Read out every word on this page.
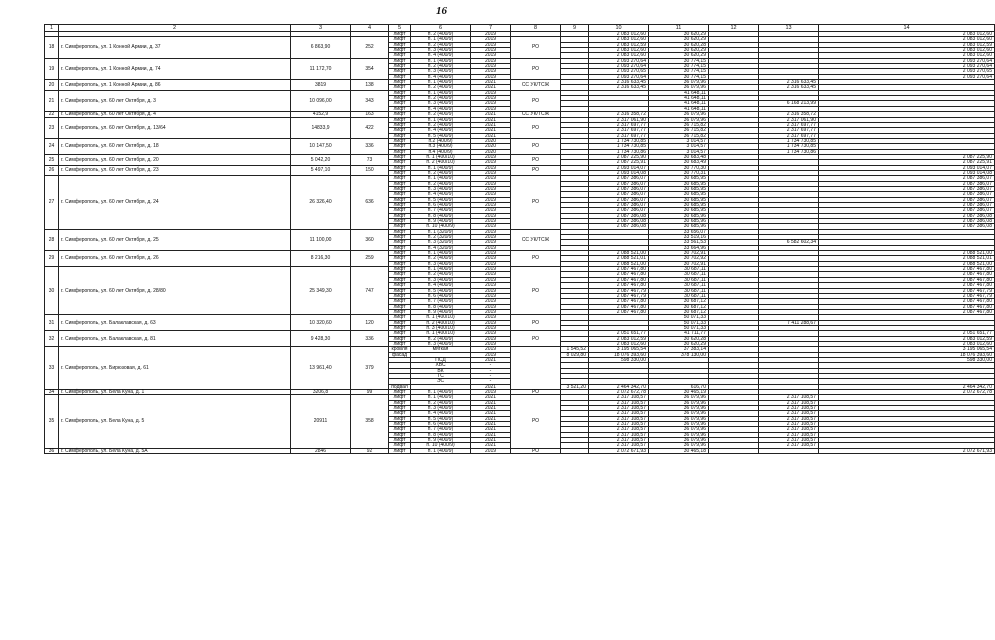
16
1	2	3	4	5	6	7	8	9	10	11	12	13	14
				лифт	п. 2 (400/9)	2019			2 083 012,60	30 620,29			2 083 012,60
18	г. Симферополь, ул. 1 Конной Армии, д. 37	6 863,90	252	лифт	п. 1 (400/9)	2019	РО		2 083 012,60	30 620,29			2 083 012,60
				лифт	п. 2 (400/9)	2019			2 083 012,59	30 620,28			2 083 012,59
				лифт	п. 3 (400/9)	2019			2 083 012,60	30 620,29			2 083 012,60
				лифт	п. 4 (400/9)	2019			2 083 012,60	30 620,29			2 083 012,60
19	г. Симферополь, ул. 1 Конной Армии, д. 74	11 172,70	354	лифт	п. 1 (400/9)	2019	РО		2 093 270,64	30 774,15			2 093 270,64
				лифт	п. 2 (400/9)	2019			2 093 270,64	30 774,15			2 093 270,64
				лифт	п. 3 (400/9)	2019			2 093 270,65	30 774,15			2 093 270,65
				лифт	п. 4 (400/9)	2019			2 093 270,64	30 774,15			2 093 270,64
20	г. Симферополь, ул. 1 Конной Армии, д. 86	3819	138	лифт	п. 1 (400/9)	2021	СС УК/ТСЖ		2 316 633,45	36 079,96		2 316 633,45	
				лифт	п. 2 (400/9)	2021			2 316 633,45	36 079,96		2 316 633,45	
21	г. Симферополь, ул. 60 лет Октября, д. 3	10 096,00	343	лифт	п. 1 (400/9)	2019	РО			41 648,11			
				лифт	п. 2 (400/9)	2019				41 648,11			
				лифт	п. 3 (400/9)	2019				41 648,11		6 168 213,99	
				лифт	п. 4 (400/9)	2019				41 648,11			
22	г. Симферополь, ул. 60 лет Октября, д. 4	4152,9	163	лифт	п. 2 (400/9)	2021	СС УК/ТСЖ		2 316 358,72	36 079,96		2 316 358,72	
23	г. Симферополь, ул. 60 лет Октября, д. 13/64	14833,9	422	лифт	п. 1 (400/9)	2021	РО		2 317 061,90	36 079,96		2 317 061,90	
				лифт	п. 2 (400/9)	2021			2 317 697,77	36 715,82		2 317 697,77	
				лифт	п. 4 (400/9)	2021			2 317 697,77	36 715,82		2 317 697,77	
				лифт	п. 5 (400/9)	2021			2 317 697,77	36 715,82		2 317 697,77	
24	г. Симферополь, ул. 60 лет Октября, д. 18	10 147,50	336	лифт	п.2 (400/9)	2020	РО		1 734 730,85	3 014,57		1 734 730,85	
				лифт	п.3 (400/9)	2020			1 734 730,85	3 014,57		1 734 730,85	
				лифт	п.4 (400/9)	2020			1 734 730,86	3 014,57		1 734 730,86	
25	г. Симферополь, ул. 60 лет Октября, д. 20	5 042,20	73	лифт	п. 1 (400/10)	2019	РО		2 087 225,90	30 683,48			2 087 225,90
				лифт	п. 2 (400/10)	2019			2 087 225,91	30 683,49			2 087 225,91
26	г. Симферополь, ул. 60 лет Октября, д. 23	5 497,10	150	лифт	п. 1 (400/9)	2019	РО		2 093 014,07	30 770,30			2 093 014,07
				лифт	п. 2 (400/9)	2019			2 093 014,08	30 770,31			2 093 014,08
27	г. Симферополь, ул. 60 лет Октября, д. 24	26 326,40	636	лифт	п. 1 (400/9)	2019	РО		2 087 386,07	30 685,95			2 087 386,07
				лифт	п. 2 (400/9)	2019			2 087 386,07	30 685,95			2 087 386,07
				лифт	п. 3 (400/9)	2019			2 087 386,07	30 685,95			2 087 386,07
				лифт	п. 4 (400/9)	2019			2 087 386,07	30 685,95			2 087 386,07
				лифт	п. 5 (400/9)	2019			2 087 386,07	30 685,95			2 087 386,07
				лифт	п. 6 (400/9)	2019			2 087 386,07	30 685,95			2 087 386,07
				лифт	п. 7 (400/9)	2019			2 087 386,07	30 685,95			2 087 386,07
				лифт	п. 8 (400/9)	2019			2 087 386,08	30 685,96			2 087 386,08
				лифт	п. 9 (400/9)	2019			2 087 386,08	30 685,96			2 087 386,08
				лифт	п. 10 (400/9)	2019			2 087 386,08	30 685,96			2 087 386,08
28	г. Симферополь, ул. 60 лет Октября, д. 25	11 100,00	360	лифт	п. 1 (320/9)	2019	СС УК/ТСЖ			33 656,07			
				лифт	п. 2 (320/9)	2019				33 519,16			
				лифт	п. 3 (320/9)	2019				33 561,53		6 582 602,34	
				лифт	п. 4 (320/9)	2019				33 664,96			
29	г. Симферополь, ул. 60 лет Октября, д. 26	8 216,30	259	лифт	п. 1 (400/9)	2019	РО		2 088 521,00	30 702,91			2 088 521,00
				лифт	п. 2 (400/9)	2019			2 088 521,01	30 702,92			2 088 521,01
				лифт	п. 3 (400/9)	2019			2 088 521,00	30 702,91			2 088 521,00
30	г. Симферополь, ул. 60 лет Октября, д. 28/80	25 349,30	747	лифт	п. 1 (400/9)	2019	РО		2 087 467,80	30 687,11			2 087 467,80
				лифт	п. 2 (400/9)	2019			2 087 467,80	30 687,11			2 087 467,80
				лифт	п. 3 (400/9)	2019			2 087 467,80	30 687,11			2 087 467,80
				лифт	п. 4 (400/9)	2019			2 087 467,80	30 687,11			2 087 467,80
				лифт	п. 5 (400/9)	2019			2 087 467,79	30 687,11			2 087 467,79
				лифт	п. 6 (400/9)	2019			2 087 467,79	30 687,11			2 087 467,79
				лифт	п. 7 (400/9)	2019			2 087 467,80	30 687,12			2 087 467,80
				лифт	п. 8 (400/9)	2019			2 087 467,80	30 687,12			2 087 467,80
				лифт	п. 9 (400/9)	2019			2 087 467,80	30 687,12			2 087 467,80
31	г. Симферополь, ул. Балаклавская, д. 63	10 320,60	120	лифт	п. 1 (400/10)	2019	РО			50 071,33			
				лифт	п. 2 (400/10)	2019				50 071,33		7 411 288,67	
				лифт	п. 3 (400/10)	2019				50 071,33			
32	г. Симферополь, ул. Балаклавская, д. 81	9 428,30	336	лифт	п. 1 (400/10)	2019	РО		2 051 651,77	41 711,77			2 051 651,77
				лифт	п. 2 (400/9)	2019			2 083 012,59	30 620,28			2 083 012,59
				лифт	п. 3 (400/9)	2019			2 083 012,60	30 620,29			2 083 012,60
33	г. Симферополь, ул. Бирюзовая, д. 61	13 961,40	379	кровля	мягкая	2019		1 545,52	3 195 065,54	37 383,14			3 195 065,54
				фасад		2019		8 029,80	18 076 393,60	378 130,00			18 076 393,60
					ПСД	2021			598 330,00				598 330,00
					ХВС	-							
					ВК	-							
					ТС	-							
					ЭС	-							
				подвал		2021		3 521,20	2 464 342,70	616,70			2 464 342,70
34	г. Симферополь, ул. Бела Куна, д. 1	3206,8	99	лифт	п. 1 (400/9)	2019	РО		2 072 672,78	30 465,19			2 072 672,78
35	г. Симферополь, ул. Бела Куна, д. 5	20911	358	лифт	п. 1 (400/9)	2021	РО		2 317 108,57	36 079,96		2 317 108,57	
				лифт	п. 2 (400/9)	2021			2 317 108,57	36 079,96		2 317 108,57	
				лифт	п. 3 (400/9)	2021			2 317 108,57	36 079,96		2 317 108,57	
				лифт	п. 4 (400/9)	2021			2 317 108,57	36 079,96		2 317 108,57	
				лифт	п. 5 (400/9)	2021			2 317 108,57	36 079,96		2 317 108,57	
				лифт	п. 6 (400/9)	2021			2 317 108,57	36 079,96		2 317 108,57	
				лифт	п. 7 (400/9)	2021			2 317 108,57	36 079,96		2 317 108,57	
				лифт	п. 8 (400/9)	2021			2 317 108,57	36 079,96		2 317 108,57	
				лифт	п. 9 (400/9)	2021			2 317 108,57	36 079,96		2 317 108,57	
				лифт	п. 10 (400/9)	2021			2 317 108,57	36 079,96		2 317 108,57	
36	г. Симферополь, ул. Бела Куна, д. 5А	2846	92	лифт	п. 1 (400/9)	2019	РО		2 072 671,93	30 465,18			2 072 671,93
